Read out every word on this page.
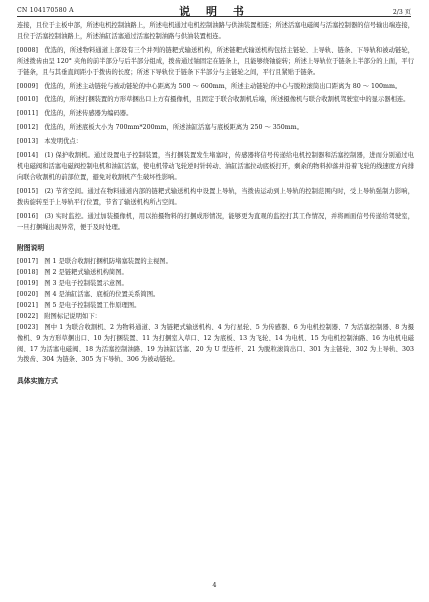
CN 104170580 A	说 明 书	2/3 页

连接，且位于主板中部，所述电机控制油路上，所述电机通过电机控制油路与供油装置相连；所述活塞电磁阀与活塞控制器的信号输出端连接，且位于活塞控制油路上，所述油缸活塞通过活塞控制油路与供油装置相连。

[0008]　优选的，所述物料通道上部设有三个并列的链耙式输送机构，所述链耙式输送机构包括主链轮、上导轨、链条、下导轨和被动链轮，所述拨齿由呈 120° 夹角的前半部分与后半部分组成，拨齿通过铀固定在链条上，且能够绕铀旋转；所述上导轨位于链条上半部分的上面，平行于链条，且与其垂直间距小于拨齿的长度；所述下导轨位于链条下半部分与主链轮之间，平行且紧贴于链条。

[0009]　优选的，所述主动链轮与被动链轮的中心距离为 500 ～ 600mm，所述主动链轮的中心与脱粒滚筒出口距离为 80 ～ 100mm。

[0010]　优选的，所述打捆装置的方形草捆出口上方有摄像机，且固定于联合收割机后端，所述摄像机与联合收割机驾驶室中的显示器相连。

[0011]　优选的，所述传感器为编码器。

[0012]　优选的，所述底板大小为 700mm*200mm，所述油缸活塞与底板距离为 250 ～ 350mm。

[0013]　本发明优点：

[0014]　(1) 保护收割机。通过设置电子控制装置，当打捆装置发生堵塞时，传感器将信号传递给电机控制器和活塞控制器，进而分别通过电机电磁阀和活塞电磁阀控制电机和油缸活塞，使电机带动飞轮逆时针转动、油缸活塞拉动底板打开，剩余的物料掉落并沿着飞轮的线速度方向排向联合收割机的前部位置，避免对收割机产生破坏性影响。

[0015]　(2) 节省空间。通过在物料通道内部的链耙式输送机构中设置上导轨，当拨齿运动到上导轨的控制范围内时，受上导轨强制力影响，拨齿旋转至于上导轨平行位置，节省了输送机构所占空间。

[0016]　(3) 实时监控。通过加装摄像机，用以拍摄物料的打捆成形情况，能够更为直观的监控打其工作情况，并将画面信号传递给驾驶室，一旦打捆绳出现异常，便于及时处理。

附图说明

[0017]　图 1 是联合收割打捆机防堵塞装置的主视图。

[0018]　图 2 是链耙式输送机构简图。

[0019]　图 3 是电子控制装置示意图。

[0020]　图 4 是油缸活塞、底板的位置关系简图。

[0021]　图 5 是电子控制装置工作原理图。

[0022]　附图标记说明如下：

[0023]　图中 1 为联合收割机、2 为物料通道、3 为链耙式输送机构、4 为行星轮、5 为传感器、6 为电机控制器、7 为活塞控制器、8 为摄像机、9 为方形草捆出口、10 为打捆装置、11 为打捆室入草口、12 为底板、13 为飞轮、14 为电机、15 为电机控制油路、16 为电机电磁阀、17 为活塞电磁阀、18 为活塞控制油路、19 为油缸活塞、20 为 U 型连杆、21 为脱粒滚筒出口、301 为主链轮、302 为上导轨、303 为拨齿、304 为链条、305 为下导轨、306 为被动链轮。

具体实施方式
4
